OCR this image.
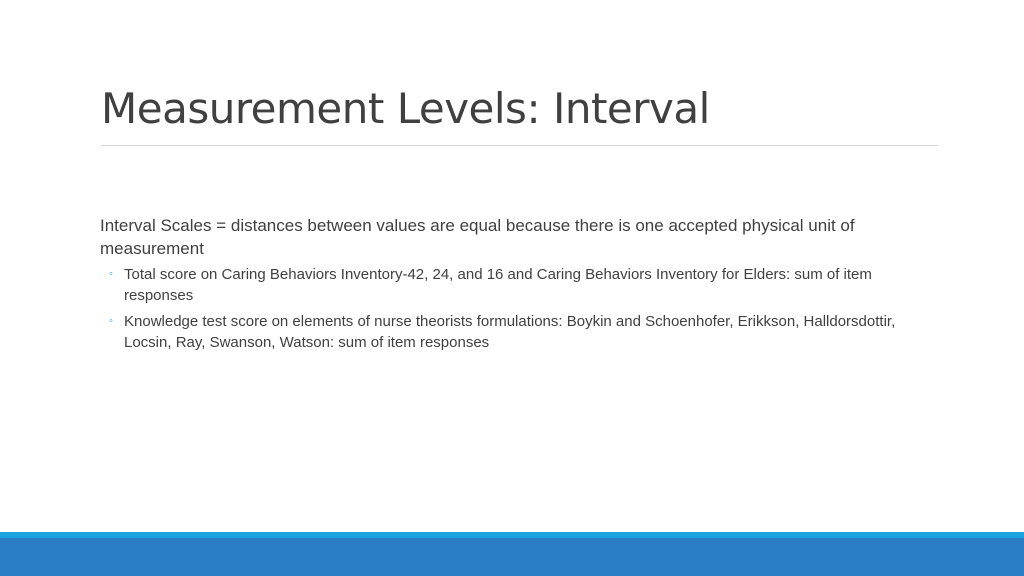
Measurement Levels: Interval

Interval Scales = distances between values are equal because there is one accepted physical unit of measurement

◦ Total score on Caring Behaviors Inventory-42, 24, and 16 and Caring Behaviors Inventory for Elders: sum of item responses
◦ Knowledge test score on elements of nurse theorists formulations: Boykin and Schoenhofer, Erikkson, Halldorsdottir, Locsin, Ray, Swanson, Watson: sum of item responses
